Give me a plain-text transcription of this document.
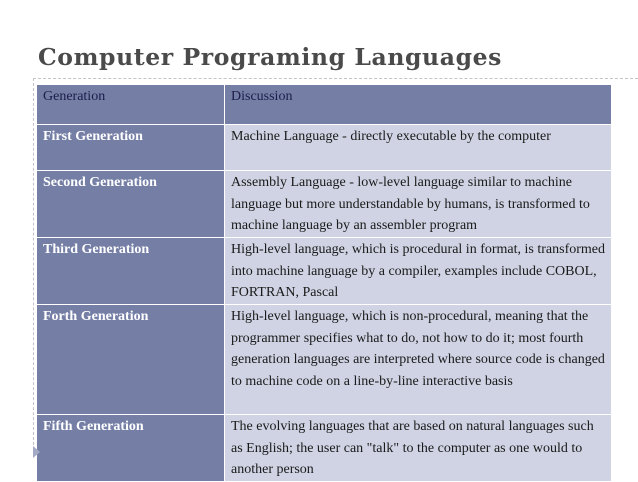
Computer Programing Languages
Generation	Discussion
First Generation	Machine Language - directly executable by the computer
Second Generation	Assembly Language - low-level language similar to machine language but more understandable by humans, is transformed to machine language by an assembler program
Third Generation	High-level language, which is procedural in format, is transformed into machine language by a compiler, examples include COBOL, FORTRAN, Pascal
Forth Generation	High-level language, which is non-procedural, meaning that the programmer specifies what to do, not how to do it; most fourth generation languages are interpreted where source code is changed to machine code on a line-by-line interactive basis
Fifth Generation	The evolving languages that are based on natural languages such as English; the user can "talk" to the computer as one would to another person
